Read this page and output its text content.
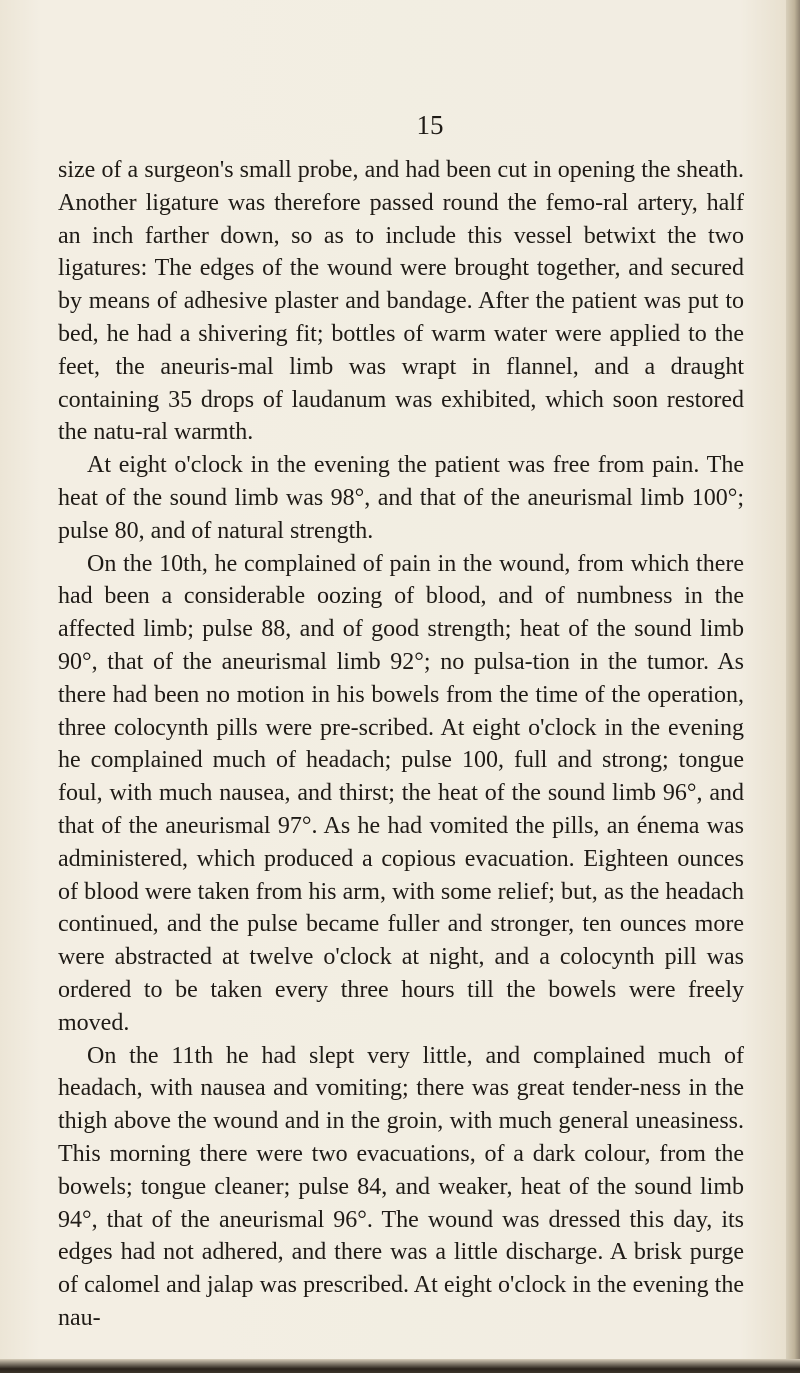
15

size of a surgeon's small probe, and had been cut in opening the sheath. Another ligature was therefore passed round the femo-ral artery, half an inch farther down, so as to include this vessel betwixt the two ligatures: The edges of the wound were brought together, and secured by means of adhesive plaster and bandage. After the patient was put to bed, he had a shivering fit; bottles of warm water were applied to the feet, the aneuris-mal limb was wrapt in flannel, and a draught containing 35 drops of laudanum was exhibited, which soon restored the natu-ral warmth.

At eight o'clock in the evening the patient was free from pain. The heat of the sound limb was 98°, and that of the aneurismal limb 100°; pulse 80, and of natural strength.

On the 10th, he complained of pain in the wound, from which there had been a considerable oozing of blood, and of numbness in the affected limb; pulse 88, and of good strength; heat of the sound limb 90°, that of the aneurismal limb 92°; no pulsa-tion in the tumor. As there had been no motion in his bowels from the time of the operation, three colocynth pills were pre-scribed. At eight o'clock in the evening he complained much of headach; pulse 100, full and strong; tongue foul, with much nausea, and thirst; the heat of the sound limb 96°, and that of the aneurismal 97°. As he had vomited the pills, an énema was administered, which produced a copious evacuation. Eighteen ounces of blood were taken from his arm, with some relief; but, as the headach continued, and the pulse became fuller and stronger, ten ounces more were abstracted at twelve o'clock at night, and a colocynth pill was ordered to be taken every three hours till the bowels were freely moved.

On the 11th he had slept very little, and complained much of headach, with nausea and vomiting; there was great tender-ness in the thigh above the wound and in the groin, with much general uneasiness. This morning there were two evacuations, of a dark colour, from the bowels; tongue cleaner; pulse 84, and weaker, heat of the sound limb 94°, that of the aneurismal 96°. The wound was dressed this day, its edges had not adhered, and there was a little discharge. A brisk purge of calomel and jalap was prescribed. At eight o'clock in the evening the nau-
